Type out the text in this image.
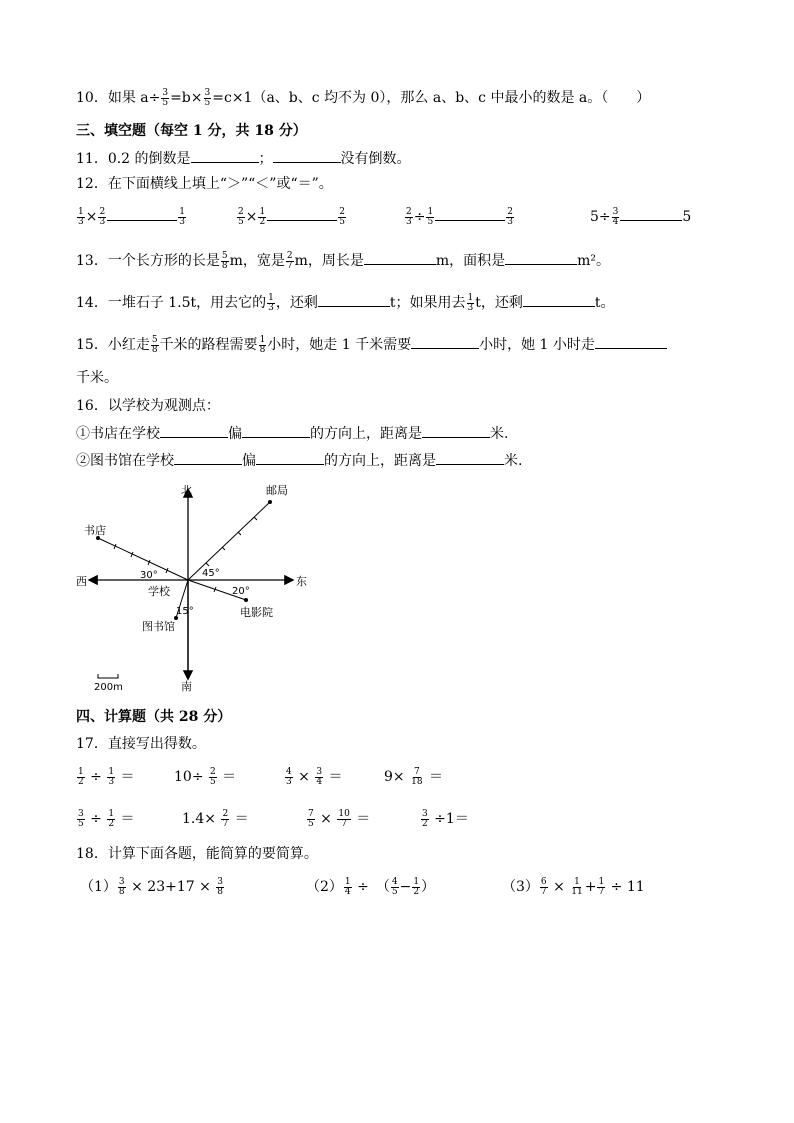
10．如果 $a\div \frac{3}{5} =b\times \frac{3}{5} =c\times 1(a$、b、c 均不为 0），那么 a、b、c 中最小的数是 a。（　　）
三、填空题（每空 1 分，共 18 分）
11．0.2 的倒数是	；	没有倒数。
12．在下面横线上填上“＞”“＜”或“＝”。
$\frac{1}{3} \times \frac{2}{3}$	$\frac{1}{3}$	$\frac{2}{5} \times \frac{1}{2}$	$\frac{2}{5}$	$\frac{2}{3} \div \frac{1}{5}$	$\frac{2}{3}$	$5\div \frac{3}{4}$	5
13．一个长方形的长是 $\frac{5}{8}$ m，宽是 $\frac{2}{7}$ m，周长是	m，面积是	m²。
14．一堆石子 1.5t，用去它的 $\frac{1}{3}$ ，还剩	t；如果用去 $\frac{1}{3}$ t，还剩	t。
15．小红走 $\frac{5}{8}$ 千米的路程需要 $\frac{1}{8}$ 小时，她走 1 千米需要	小时，她 1 小时走
千米。
16．以学校为观测点：
①书店在学校	偏	的方向上，距离是	米.
②图书馆在学校	偏	的方向上，距离是	米.
北
南
东
西
邮局
书店
学校
图书馆
电影院
30°	45°
20°
15°
200m
四、计算题（共 28 分）
17．直接写出得数。
$\frac{1}{2} \div \frac{1}{3}$ ＝	$10\div \frac{2}{5}$ ＝	$\frac{4}{3} \times \frac{3}{4}$ ＝	$9\times \frac{7}{18}$ ＝
$\frac{3}{5} \div \frac{1}{2}$ ＝	$1.4\times \frac{2}{7}$ ＝	$\frac{7}{5} \times \frac{10}{7}$ ＝	$\frac{3}{2} \div 1=$
18．计算下面各题，能简算的要简算。
$(1) \frac{3}{8} \times 23+17 \times \frac{3}{8}$	$(2) \frac{1}{4}$ ÷　（ $\frac{4}{5} - \frac{1}{2}$ ）	$(3) \frac{6}{7} \times \frac{1}{11} + \frac{1}{7} \div 11$
